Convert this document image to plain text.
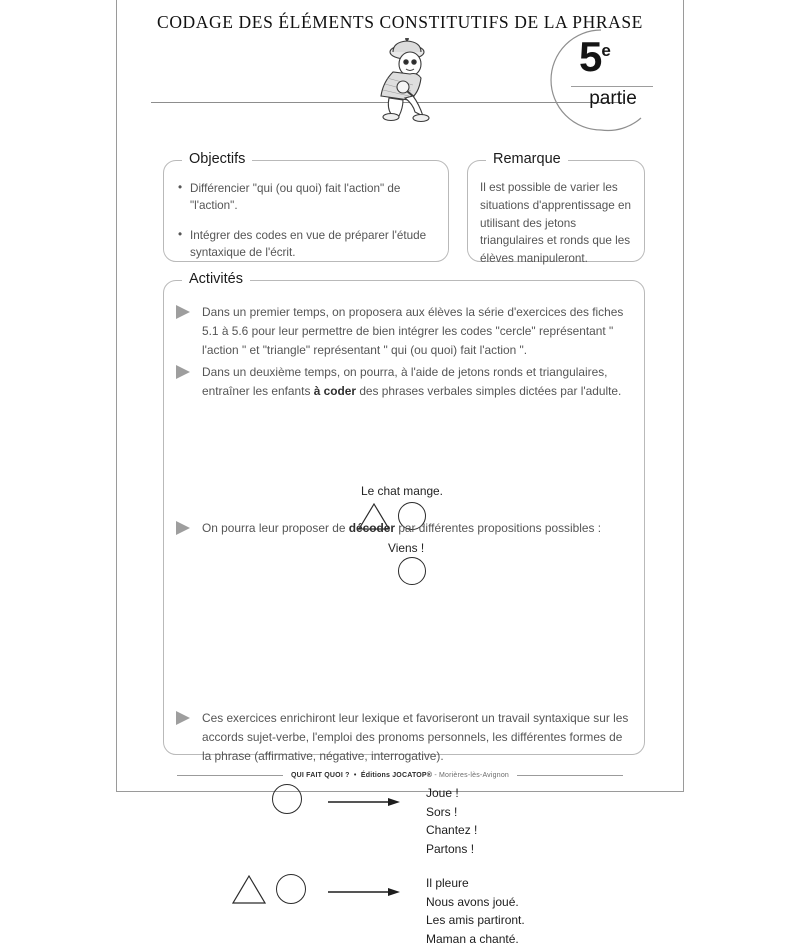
CODAGE DES ÉLÉMENTS CONSTITUTIFS DE LA PHRASE
5e
partie
Objectifs
• Différencier "qui (ou quoi) fait l'action" de "l'action".
• Intégrer des codes en vue de préparer l'étude syntaxique de l'écrit.
Remarque

Il est possible de varier les situations d'apprentissage en utilisant des jetons triangulaires et ronds que les élèves manipuleront.

Activités

Dans un premier temps, on proposera aux élèves la série d'exercices des fiches 5.1 à 5.6 pour leur permettre de bien intégrer les codes "cercle" représentant " l'action " et "triangle" représentant " qui (ou quoi) fait l'action ".

Dans un deuxième temps, on pourra, à l'aide de jetons ronds et triangulaires, entraîner les enfants à coder des phrases verbales simples dictées par l'adulte.

Le chat mange.
Viens !

On pourra leur proposer de décoder par différentes propositions possibles :

Joue !
Sors !
Chantez !
Partons !
Il pleure
Nous avons joué.
Les amis partiront.
Maman a chanté.

Ces exercices enrichiront leur lexique et favoriseront un travail syntaxique sur les accords sujet-verbe, l'emploi des pronoms personnels, les différentes formes de la phrase (affirmative, négative, interrogative).

QUI FAIT QUOI ? • Éditions JOCATOP® - Morières-lès-Avignon
